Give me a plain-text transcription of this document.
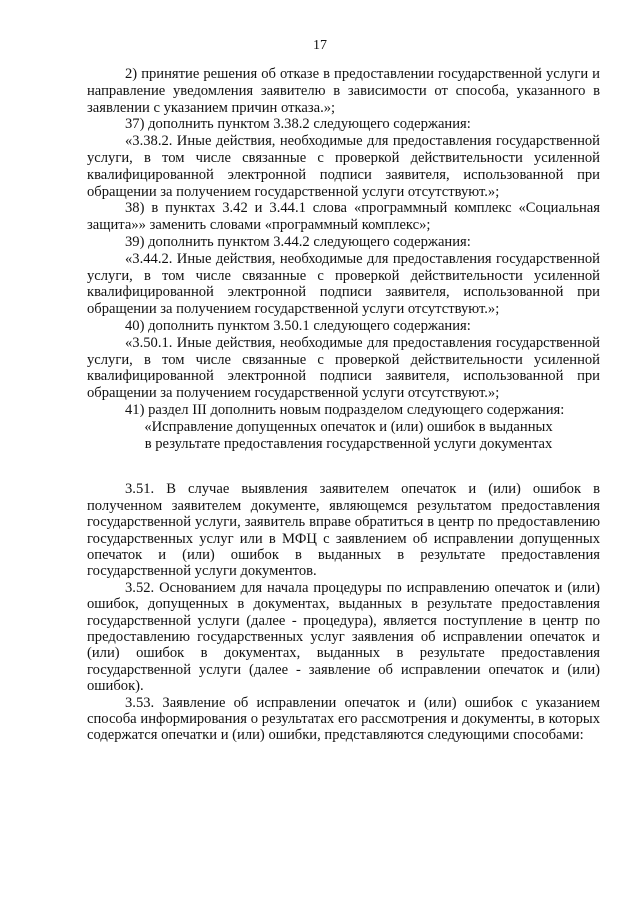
17

2) принятие решения об отказе в предоставлении государственной услуги и направление уведомления заявителю в зависимости от способа, указанного в заявлении с указанием причин отказа.»;

37) дополнить пунктом 3.38.2 следующего содержания:

«3.38.2. Иные действия, необходимые для предоставления государственной услуги, в том числе связанные с проверкой действительности усиленной квалифицированной электронной подписи заявителя, использованной при обращении за получением государственной услуги отсутствуют.»;

38) в пунктах 3.42 и 3.44.1 слова «программный комплекс «Социальная защита»» заменить словами «программный комплекс»;

39) дополнить пунктом 3.44.2 следующего содержания:

«3.44.2. Иные действия, необходимые для предоставления государственной услуги, в том числе связанные с проверкой действительности усиленной квалифицированной электронной подписи заявителя, использованной при обращении за получением государственной услуги отсутствуют.»;

40) дополнить пунктом 3.50.1 следующего содержания:

«3.50.1. Иные действия, необходимые для предоставления государственной услуги, в том числе связанные с проверкой действительности усиленной квалифицированной электронной подписи заявителя, использованной при обращении за получением государственной услуги отсутствуют.»;

41) раздел III дополнить новым подразделом следующего содержания:

«Исправление допущенных опечаток и (или) ошибок в выданных

в результате предоставления государственной услуги документах

3.51. В случае выявления заявителем опечаток и (или) ошибок в полученном заявителем документе, являющемся результатом предоставления государственной услуги, заявитель вправе обратиться в центр по предоставлению государственных услуг или в МФЦ с заявлением об исправлении допущенных опечаток и (или) ошибок в выданных в результате предоставления государственной услуги документов.

3.52. Основанием для начала процедуры по исправлению опечаток и (или) ошибок, допущенных в документах, выданных в результате предоставления государственной услуги (далее - процедура), является поступление в центр по предоставлению государственных услуг заявления об исправлении опечаток и (или) ошибок в документах, выданных в результате предоставления государственной услуги (далее - заявление об исправлении опечаток и (или) ошибок).

3.53. Заявление об исправлении опечаток и (или) ошибок с указанием способа информирования о результатах его рассмотрения и документы, в которых содержатся опечатки и (или) ошибки, представляются следующими способами:
